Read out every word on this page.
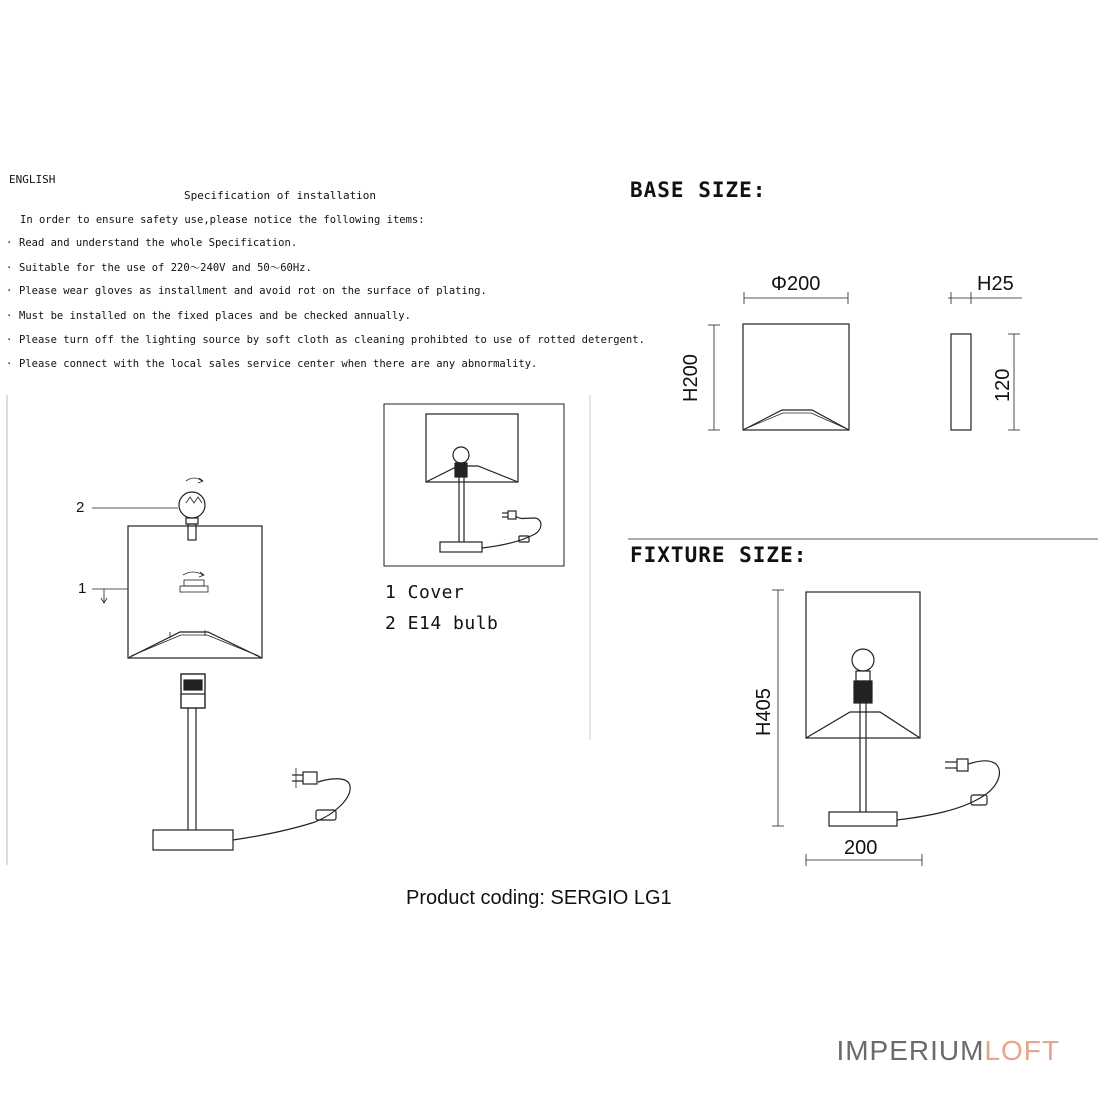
ENGLISH
Specification of installation
In order to ensure safety use,please notice the following items:
· Read and understand the whole Specification.
· Suitable for the use of 220～240V and 50～60Hz.
· Please wear gloves as installment and avoid rot on the surface of plating.
· Must be installed on the fixed places and be checked annually.
· Please turn off the lighting source by soft cloth as cleaning prohibted to use of rotted detergent.
· Please connect with the local sales service center when there are any abnormality.
2
1	1 Cover
2 E14 bulb
BASE SIZE:
Φ200	H25
H200	120
FIXTURE SIZE:
H405
200
Product coding: SERGIO LG1
IMPERIUMLOFT
